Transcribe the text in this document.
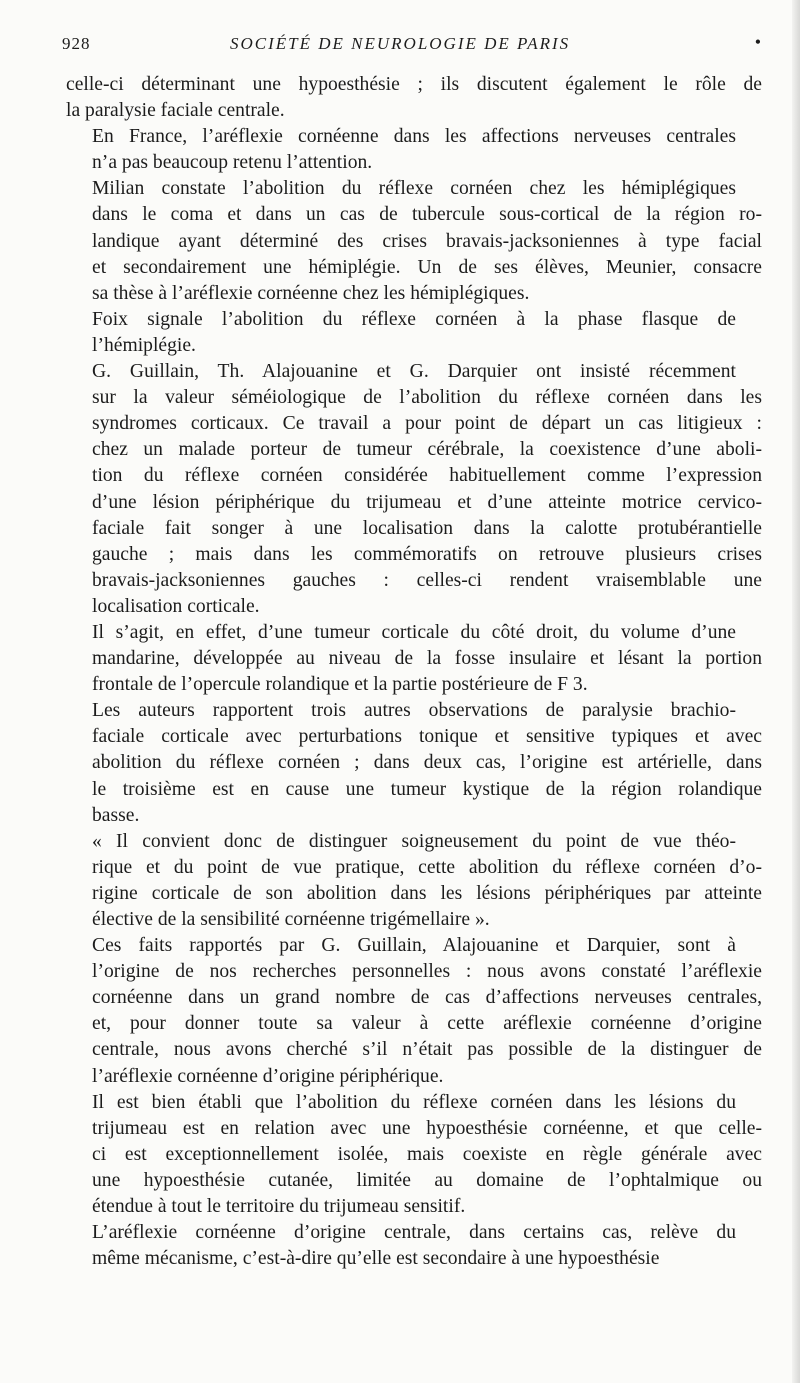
928	SOCIÉTÉ DE NEUROLOGIE DE PARIS	•

celle-ci déterminant une hypoesthésie ; ils discutent également le rôle de
la paralysie faciale centrale.

En France, l’aréflexie cornéenne dans les affections nerveuses centrales
n’a pas beaucoup retenu l’attention.

Milian constate l’abolition du réflexe cornéen chez les hémiplégiques
dans le coma et dans un cas de tubercule sous-cortical de la région ro-
landique ayant déterminé des crises bravais-jacksoniennes à type facial
et secondairement une hémiplégie. Un de ses élèves, Meunier, consacre
sa thèse à l’aréflexie cornéenne chez les hémiplégiques.

Foix signale l’abolition du réflexe cornéen à la phase flasque de
l’hémiplégie.

G. Guillain, Th. Alajouanine et G. Darquier ont insisté récemment
sur la valeur séméiologique de l’abolition du réflexe cornéen dans les
syndromes corticaux. Ce travail a pour point de départ un cas litigieux :
chez un malade porteur de tumeur cérébrale, la coexistence d’une aboli-
tion du réflexe cornéen considérée habituellement comme l’expression
d’une lésion périphérique du trijumeau et d’une atteinte motrice cervico-
faciale fait songer à une localisation dans la calotte protubérantielle
gauche ; mais dans les commémoratifs on retrouve plusieurs crises
bravais-jacksoniennes gauches : celles-ci rendent vraisemblable une
localisation corticale.

Il s’agit, en effet, d’une tumeur corticale du côté droit, du volume d’une
mandarine, développée au niveau de la fosse insulaire et lésant la portion
frontale de l’opercule rolandique et la partie postérieure de F 3.

Les auteurs rapportent trois autres observations de paralysie brachio-
faciale corticale avec perturbations tonique et sensitive typiques et avec
abolition du réflexe cornéen ; dans deux cas, l’origine est artérielle, dans
le troisième est en cause une tumeur kystique de la région rolandique
basse.

« Il convient donc de distinguer soigneusement du point de vue théo-
rique et du point de vue pratique, cette abolition du réflexe cornéen d’o-
rigine corticale de son abolition dans les lésions périphériques par atteinte
élective de la sensibilité cornéenne trigémellaire ».

Ces faits rapportés par G. Guillain, Alajouanine et Darquier, sont à
l’origine de nos recherches personnelles : nous avons constaté l’aréflexie
cornéenne dans un grand nombre de cas d’affections nerveuses centrales,
et, pour donner toute sa valeur à cette aréflexie cornéenne d’origine
centrale, nous avons cherché s’il n’était pas possible de la distinguer de
l’aréflexie cornéenne d’origine périphérique.

Il est bien établi que l’abolition du réflexe cornéen dans les lésions du
trijumeau est en relation avec une hypoesthésie cornéenne, et que celle-
ci est exceptionnellement isolée, mais coexiste en règle générale avec
une hypoesthésie cutanée, limitée au domaine de l’ophtalmique ou
étendue à tout le territoire du trijumeau sensitif.

L’aréflexie cornéenne d’origine centrale, dans certains cas, relève du
même mécanisme, c’est-à-dire qu’elle est secondaire à une hypoesthésie
